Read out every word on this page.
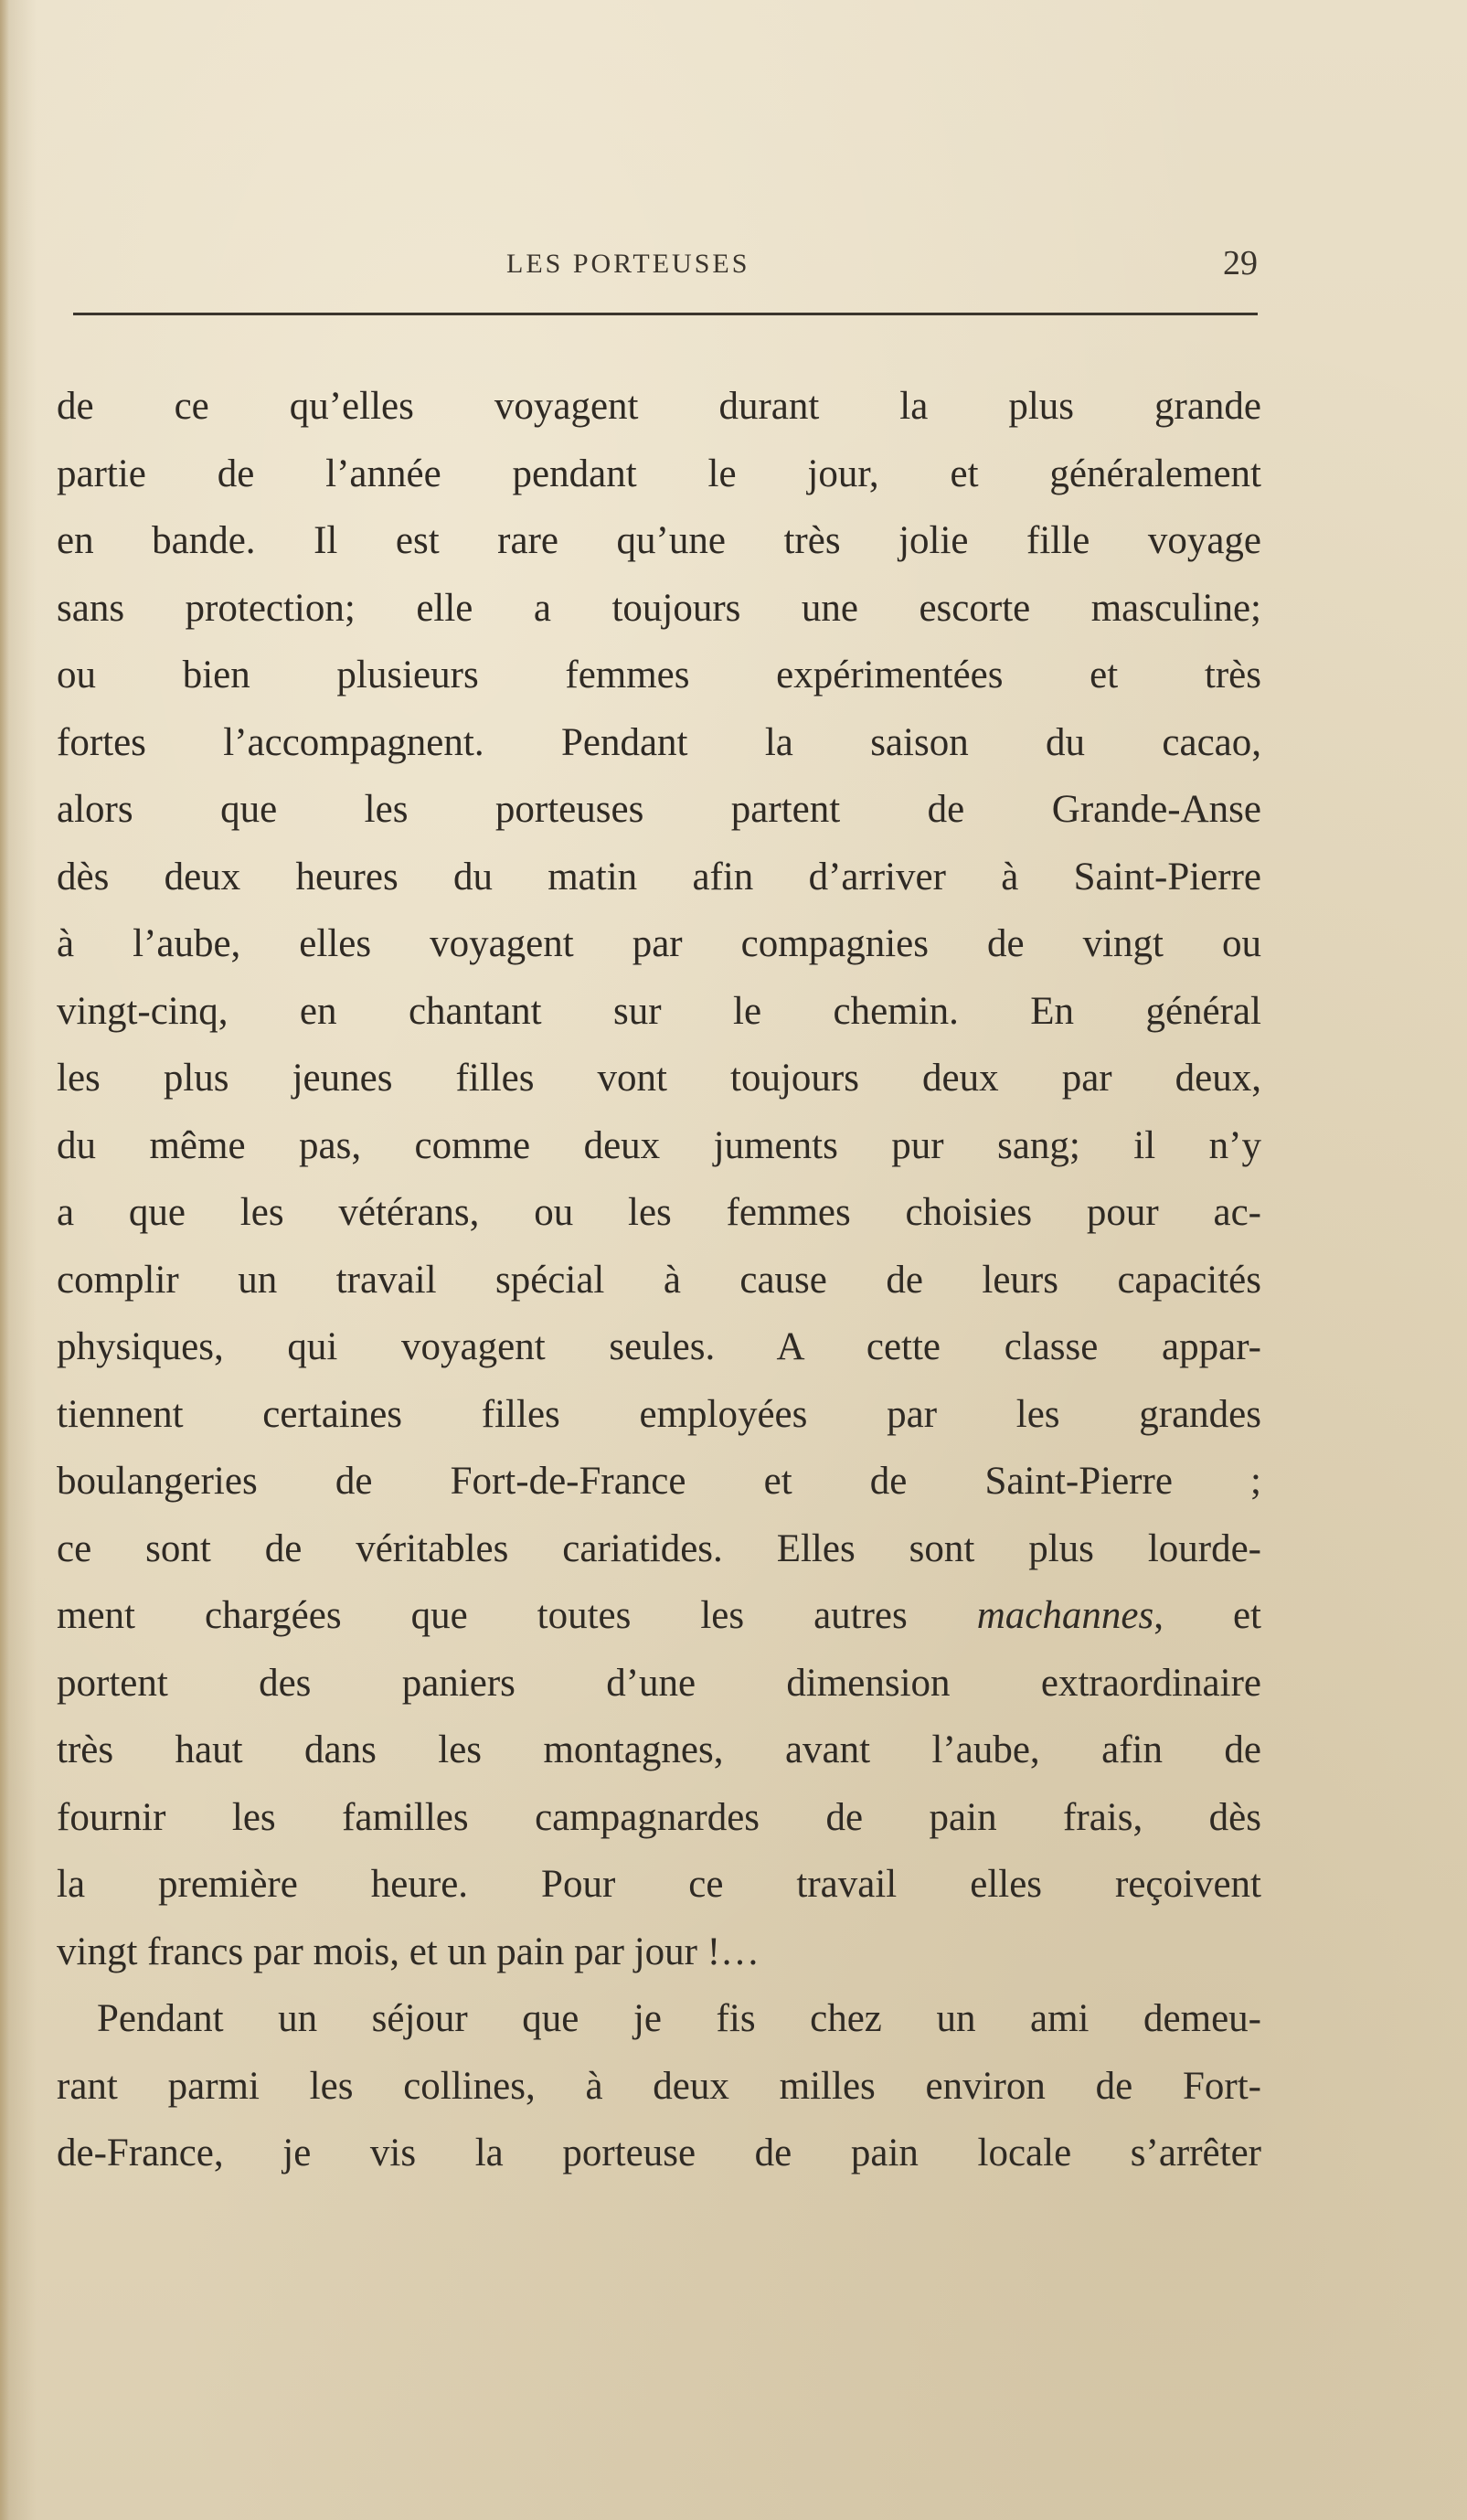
LES PORTEUSES	29
de ce qu’elles voyagent durant la plus grande
partie de l’année pendant le jour, et généralement
en bande. Il est rare qu’une très jolie fille voyage
sans protection; elle a toujours une escorte masculine;
ou bien plusieurs femmes expérimentées et très
fortes l’accompagnent. Pendant la saison du cacao,
alors que les porteuses partent de Grande-Anse
dès deux heures du matin afin d’arriver à Saint-Pierre
à l’aube, elles voyagent par compagnies de vingt ou
vingt-cinq, en chantant sur le chemin. En général
les plus jeunes filles vont toujours deux par deux,
du même pas, comme deux juments pur sang; il n’y
a que les vétérans, ou les femmes choisies pour ac-
complir un travail spécial à cause de leurs capacités
physiques, qui voyagent seules. A cette classe appar-
tiennent certaines filles employées par les grandes
boulangeries de Fort-de-France et de Saint-Pierre ;
ce sont de véritables cariatides. Elles sont plus lourde-
ment chargées que toutes les autres machannes, et
portent des paniers d’une dimension extraordinaire
très haut dans les montagnes, avant l’aube, afin de
fournir les familles campagnardes de pain frais, dès
la première heure. Pour ce travail elles reçoivent
vingt francs par mois, et un pain par jour !…
Pendant un séjour que je fis chez un ami demeu-
rant parmi les collines, à deux milles environ de Fort-
de-France, je vis la porteuse de pain locale s’arrêter
